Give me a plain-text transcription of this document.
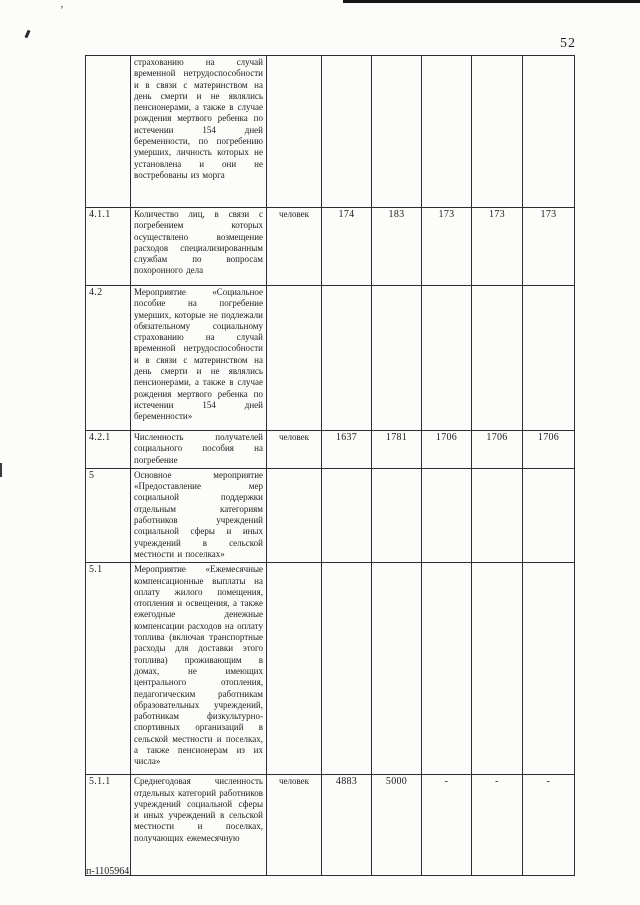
’
52
	страхованию на случай временной нетрудоспособности и в связи с материнством на день смерти и не являлись пенсионерами, а также в случае рождения мертвого ребенка по истечении 154 дней беременности, по погребению умерших, личность которых не установлена и они не востребованы из морга						
4.1.1	Количество лиц, в связи с погребением которых осуществлено возмещение расходов специализированным службам по вопросам похоронного дела	человек	174	183	173	173	173
4.2	Мероприятие «Социальное пособие на погребение умерших, которые не подлежали обязательному социальному страхованию на случай временной нетрудоспособности и в связи с материнством на день смерти и не являлись пенсионерами, а также в случае рождения мертвого ребенка по истечении 154 дней беременности»						
4.2.1	Численность получателей социального пособия на погребение	человек	1637	1781	1706	1706	1706
5	Основное мероприятие «Предоставление мер социальной поддержки отдельным категориям работников учреждений социальной сферы и иных учреждений в сельской местности и поселках»						
5.1	Мероприятие «Ежемесячные компенсационные выплаты на оплату жилого помещения, отопления и освещения, а также ежегодные денежные компенсации расходов на оплату топлива (включая транспортные расходы для доставки этого топлива) проживающим в домах, не имеющих центрального отопления, педагогическим работникам образовательных учреждений, работникам физкультурно-спортивных организаций в сельской местности и поселках, а также пенсионерам из их числа»						
5.1.1	Среднегодовая численность отдельных категорий работников учреждений социальной сферы и иных учреждений в сельской местности и поселках, получающих ежемесячную	человек	4883	5000	-	-	-
п-1105964
